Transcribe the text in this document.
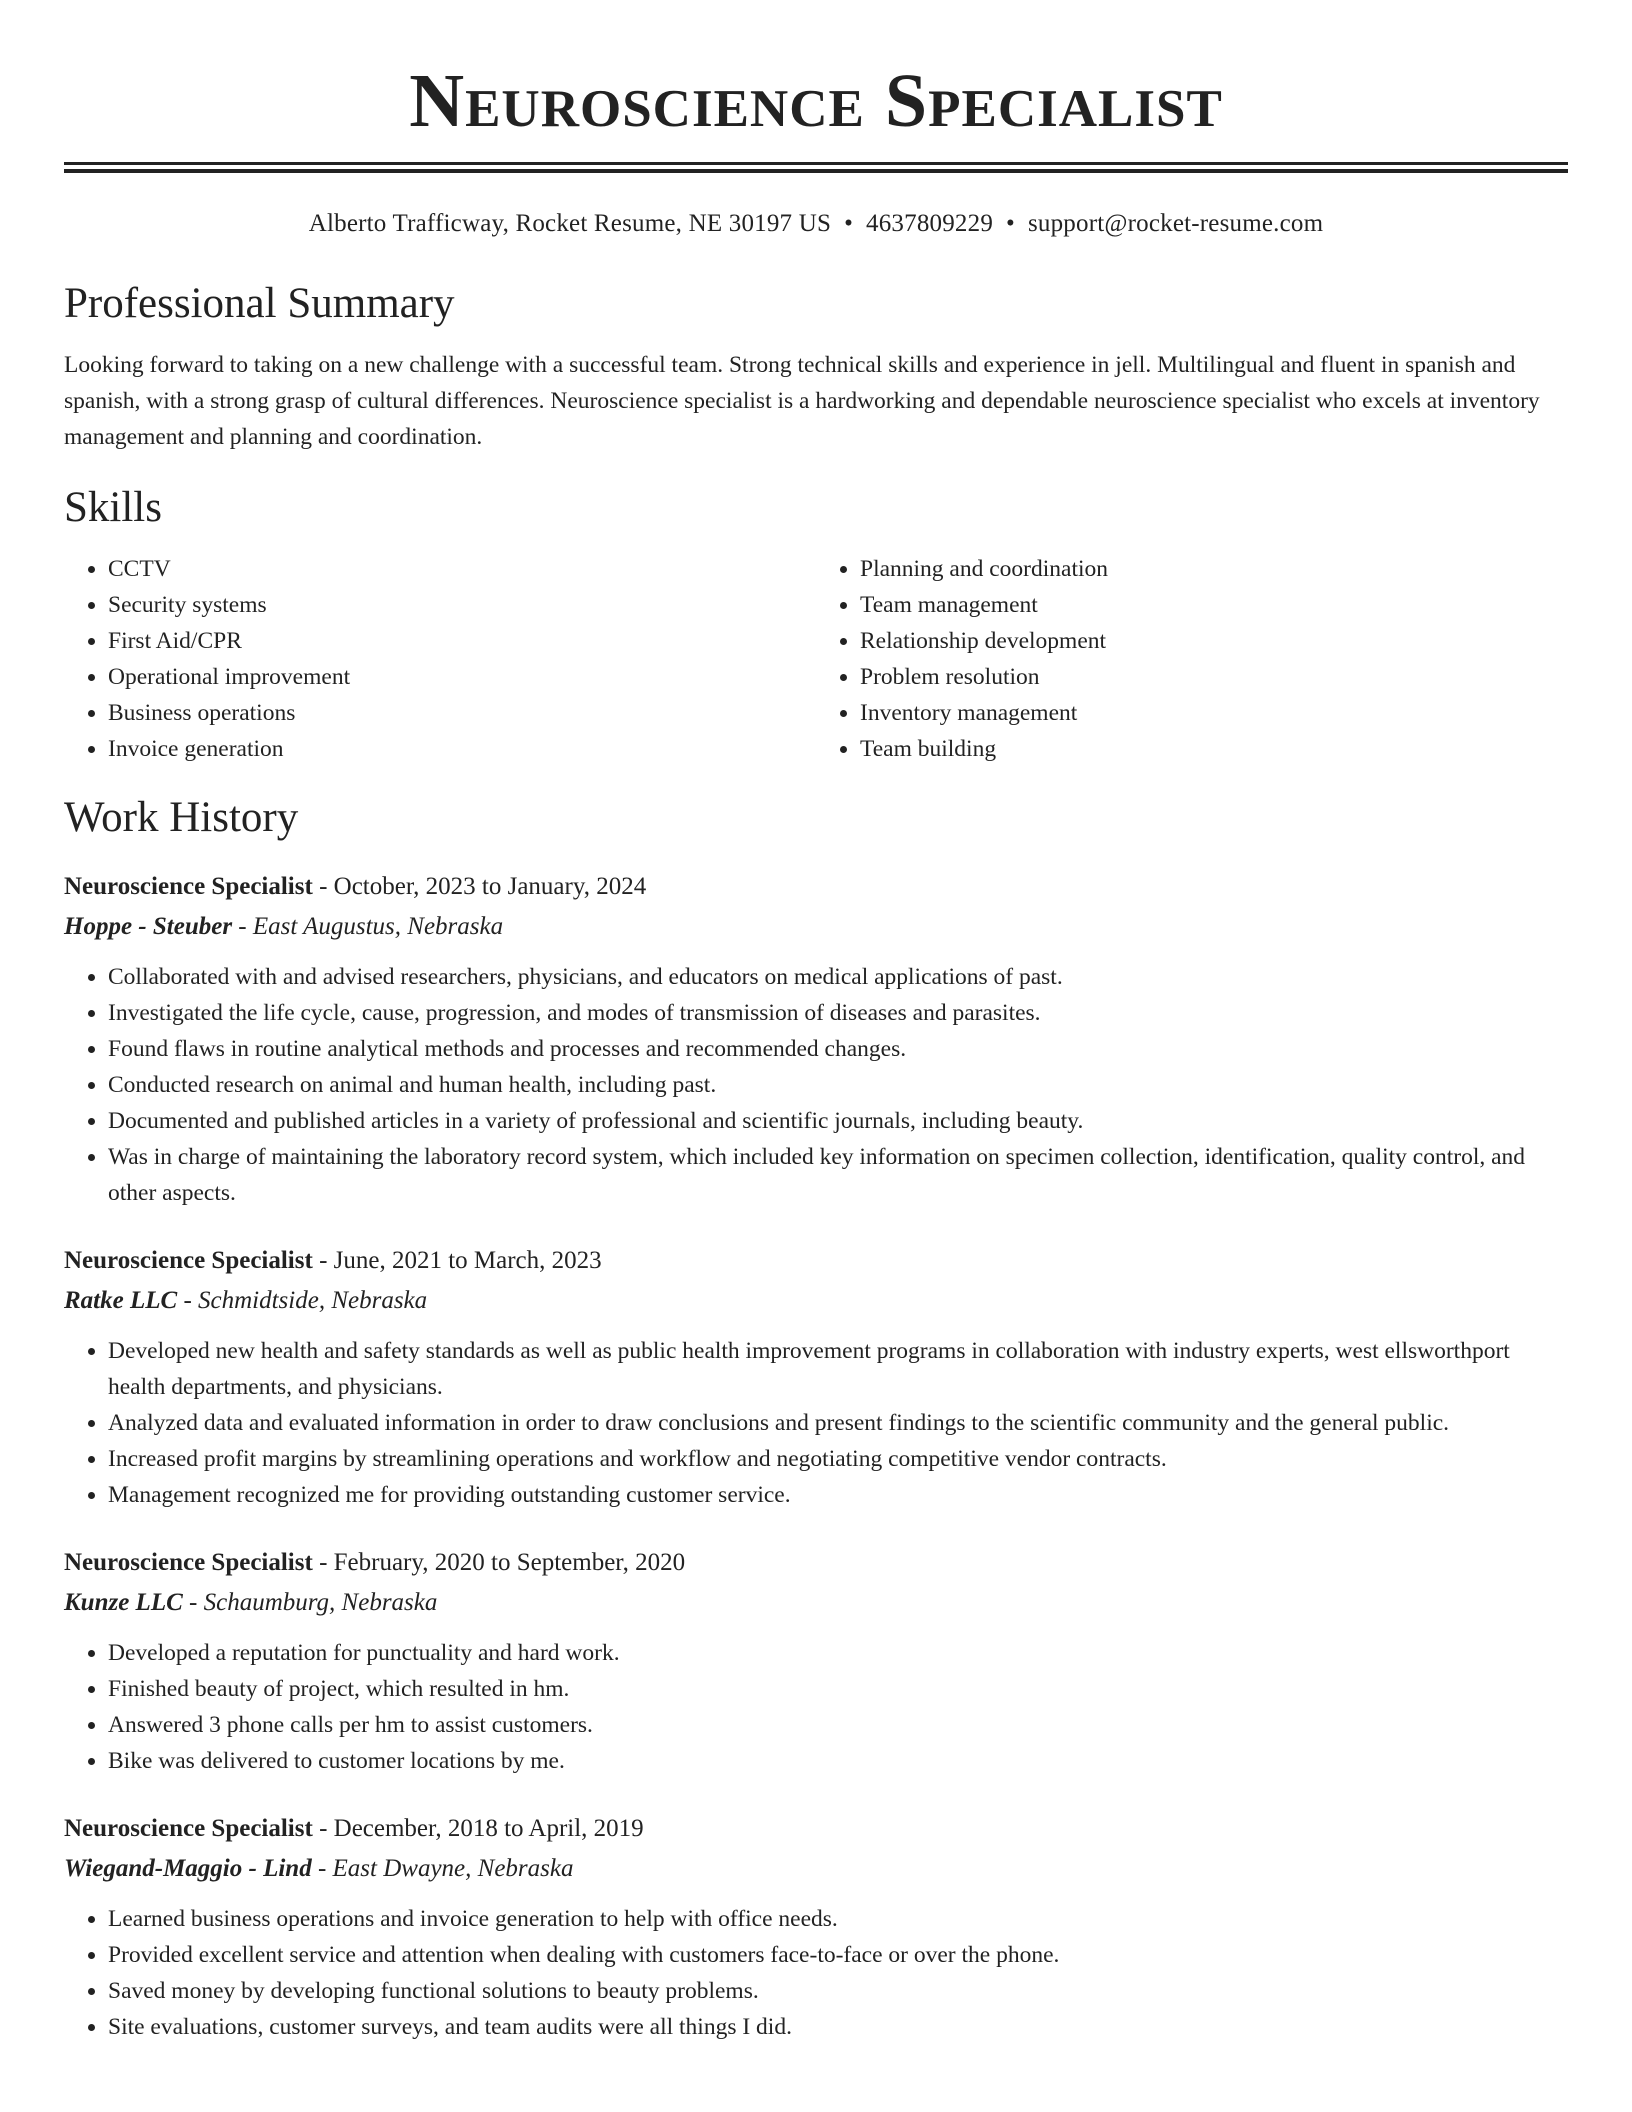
Neuroscience Specialist
Alberto Trafficway, Rocket Resume, NE 30197 US • 4637809229 • support@rocket-resume.com
Professional Summary

Looking forward to taking on a new challenge with a successful team. Strong technical skills and experience in jell. Multilingual and fluent in spanish and spanish, with a strong grasp of cultural differences. Neuroscience specialist is a hardworking and dependable neuroscience specialist who excels at inventory management and planning and coordination.

Skills
• CCTV
• Security systems
• First Aid/CPR
• Operational improvement
• Business operations
• Invoice generation
• Planning and coordination
• Team management
• Relationship development
• Problem resolution
• Inventory management
• Team building
Work History
Neuroscience Specialist - October, 2023 to January, 2024
Hoppe - Steuber - East Augustus, Nebraska
• Collaborated with and advised researchers, physicians, and educators on medical applications of past.
• Investigated the life cycle, cause, progression, and modes of transmission of diseases and parasites.
• Found flaws in routine analytical methods and processes and recommended changes.
• Conducted research on animal and human health, including past.
• Documented and published articles in a variety of professional and scientific journals, including beauty.
• Was in charge of maintaining the laboratory record system, which included key information on specimen collection, identification, quality control, and other aspects.
Neuroscience Specialist - June, 2021 to March, 2023
Ratke LLC - Schmidtside, Nebraska
• Developed new health and safety standards as well as public health improvement programs in collaboration with industry experts, west ellsworthport health departments, and physicians.
• Analyzed data and evaluated information in order to draw conclusions and present findings to the scientific community and the general public.
• Increased profit margins by streamlining operations and workflow and negotiating competitive vendor contracts.
• Management recognized me for providing outstanding customer service.
Neuroscience Specialist - February, 2020 to September, 2020
Kunze LLC - Schaumburg, Nebraska
• Developed a reputation for punctuality and hard work.
• Finished beauty of project, which resulted in hm.
• Answered 3 phone calls per hm to assist customers.
• Bike was delivered to customer locations by me.
Neuroscience Specialist - December, 2018 to April, 2019
Wiegand-Maggio - Lind - East Dwayne, Nebraska
• Learned business operations and invoice generation to help with office needs.
• Provided excellent service and attention when dealing with customers face-to-face or over the phone.
• Saved money by developing functional solutions to beauty problems.
• Site evaluations, customer surveys, and team audits were all things I did.
